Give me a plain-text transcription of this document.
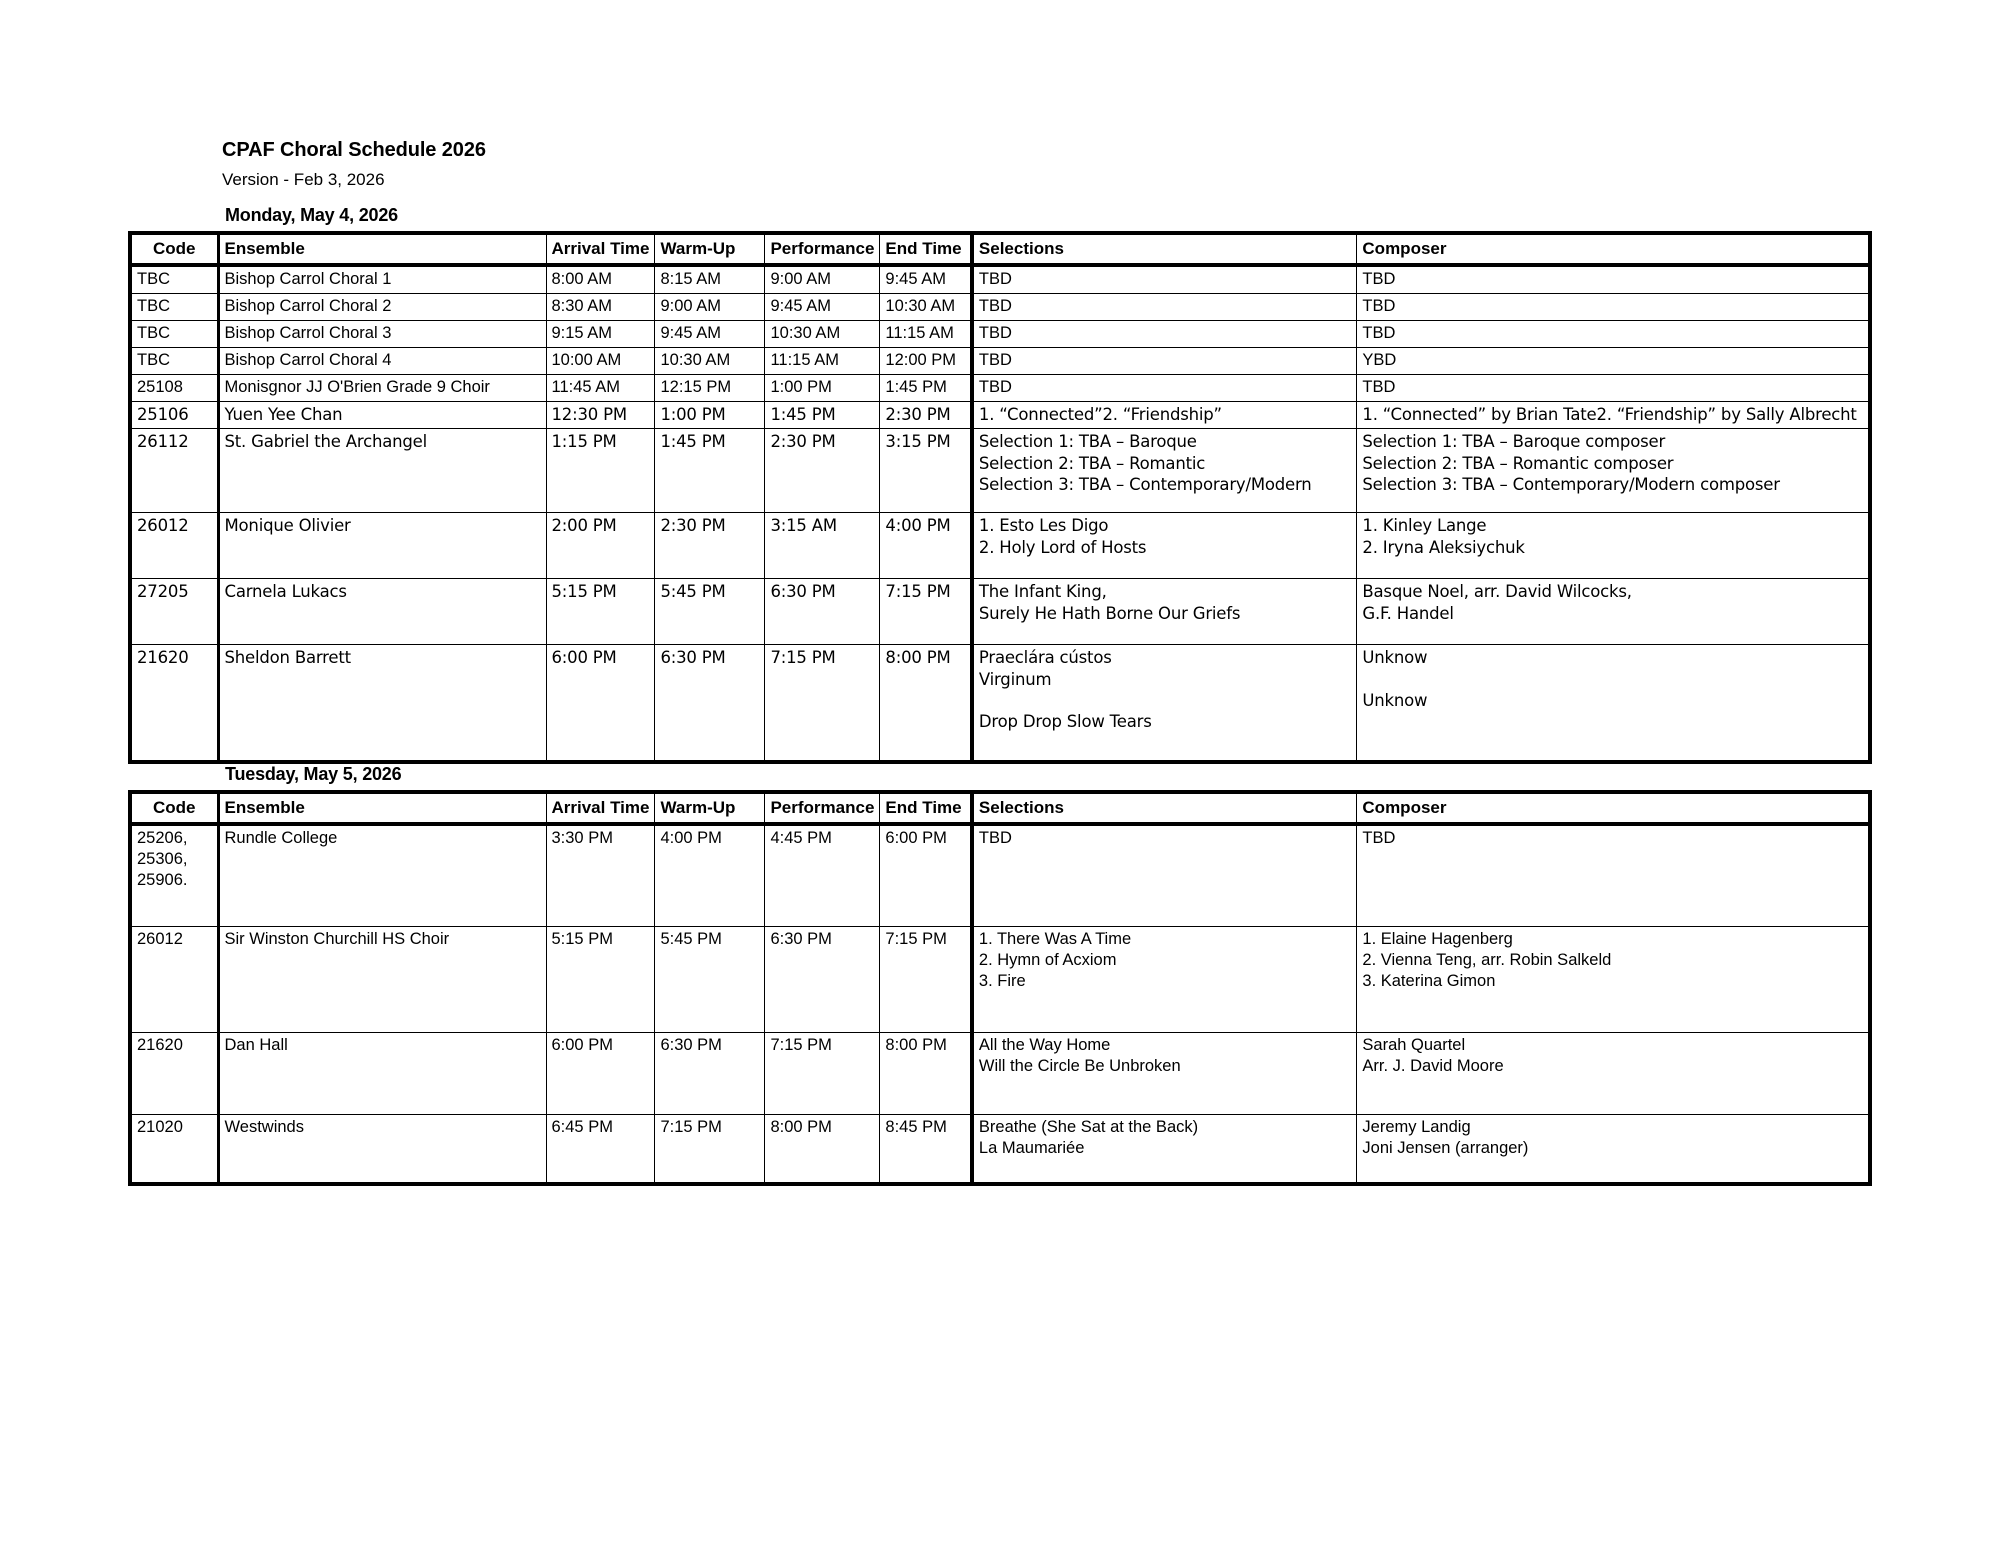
CPAF Choral Schedule 2026
Version - Feb 3, 2026
Monday, May 4, 2026
Code	Ensemble	Arrival Time	Warm-Up	Performance	End Time	Selections	Composer

TBC	Bishop Carrol Choral 1	8:00 AM	8:15 AM	9:00 AM	9:45 AM	TBD	TBD

TBC	Bishop Carrol Choral 2	8:30 AM	9:00 AM	9:45 AM	10:30 AM	TBD	TBD

TBC	Bishop Carrol Choral 3	9:15 AM	9:45 AM	10:30 AM	11:15 AM	TBD	TBD

TBC	Bishop Carrol Choral 4	10:00 AM	10:30 AM	11:15 AM	12:00 PM	TBD	YBD

25108	Monisgnor JJ O'Brien Grade 9 Choir	11:45 AM	12:15 PM	1:00 PM	1:45 PM	TBD	TBD

25106	Yuen Yee Chan	12:30 PM	1:00 PM	1:45 PM	2:30 PM	1. “Connected”2. “Friendship”	1. “Connected” by Brian Tate2. “Friendship” by Sally Albrecht

26112	St. Gabriel the Archangel	1:15 PM	1:45 PM	2:30 PM	3:15 PM	Selection 1: TBA – Baroque
Selection 2: TBA – Romantic
Selection 3: TBA – Contemporary/Modern	Selection 1: TBA – Baroque composer
Selection 2: TBA – Romantic composer
Selection 3: TBA – Contemporary/Modern composer

26012	Monique Olivier	2:00 PM	2:30 PM	3:15 AM	4:00 PM	1. Esto Les Digo
2. Holy Lord of Hosts	1. Kinley Lange
2. Iryna Aleksiychuk

27205	Carnela Lukacs	5:15 PM	5:45 PM	6:30 PM	7:15 PM	The Infant King,
Surely He Hath Borne Our Griefs	Basque Noel, arr. David Wilcocks,
G.F. Handel

21620	Sheldon Barrett	6:00 PM	6:30 PM	7:15 PM	8:00 PM	Praeclára cústos
Virginum

Drop Drop Slow Tears	Unknow

Unknow
Tuesday, May 5, 2026
Code	Ensemble	Arrival Time	Warm-Up	Performance	End Time	Selections	Composer

25206,
25306,
25906.	Rundle College	3:30 PM	4:00 PM	4:45 PM	6:00 PM	TBD	TBD

26012	Sir Winston Churchill HS Choir	5:15 PM	5:45 PM	6:30 PM	7:15 PM	1. There Was A Time
2. Hymn of Acxiom
3. Fire	1. Elaine Hagenberg
2. Vienna Teng, arr. Robin Salkeld
3. Katerina Gimon

21620	Dan Hall	6:00 PM	6:30 PM	7:15 PM	8:00 PM	All the Way Home
Will the Circle Be Unbroken	Sarah Quartel
Arr. J. David Moore

21020	Westwinds	6:45 PM	7:15 PM	8:00 PM	8:45 PM	Breathe (She Sat at the Back)
La Maumariée	Jeremy Landig
Joni Jensen (arranger)
